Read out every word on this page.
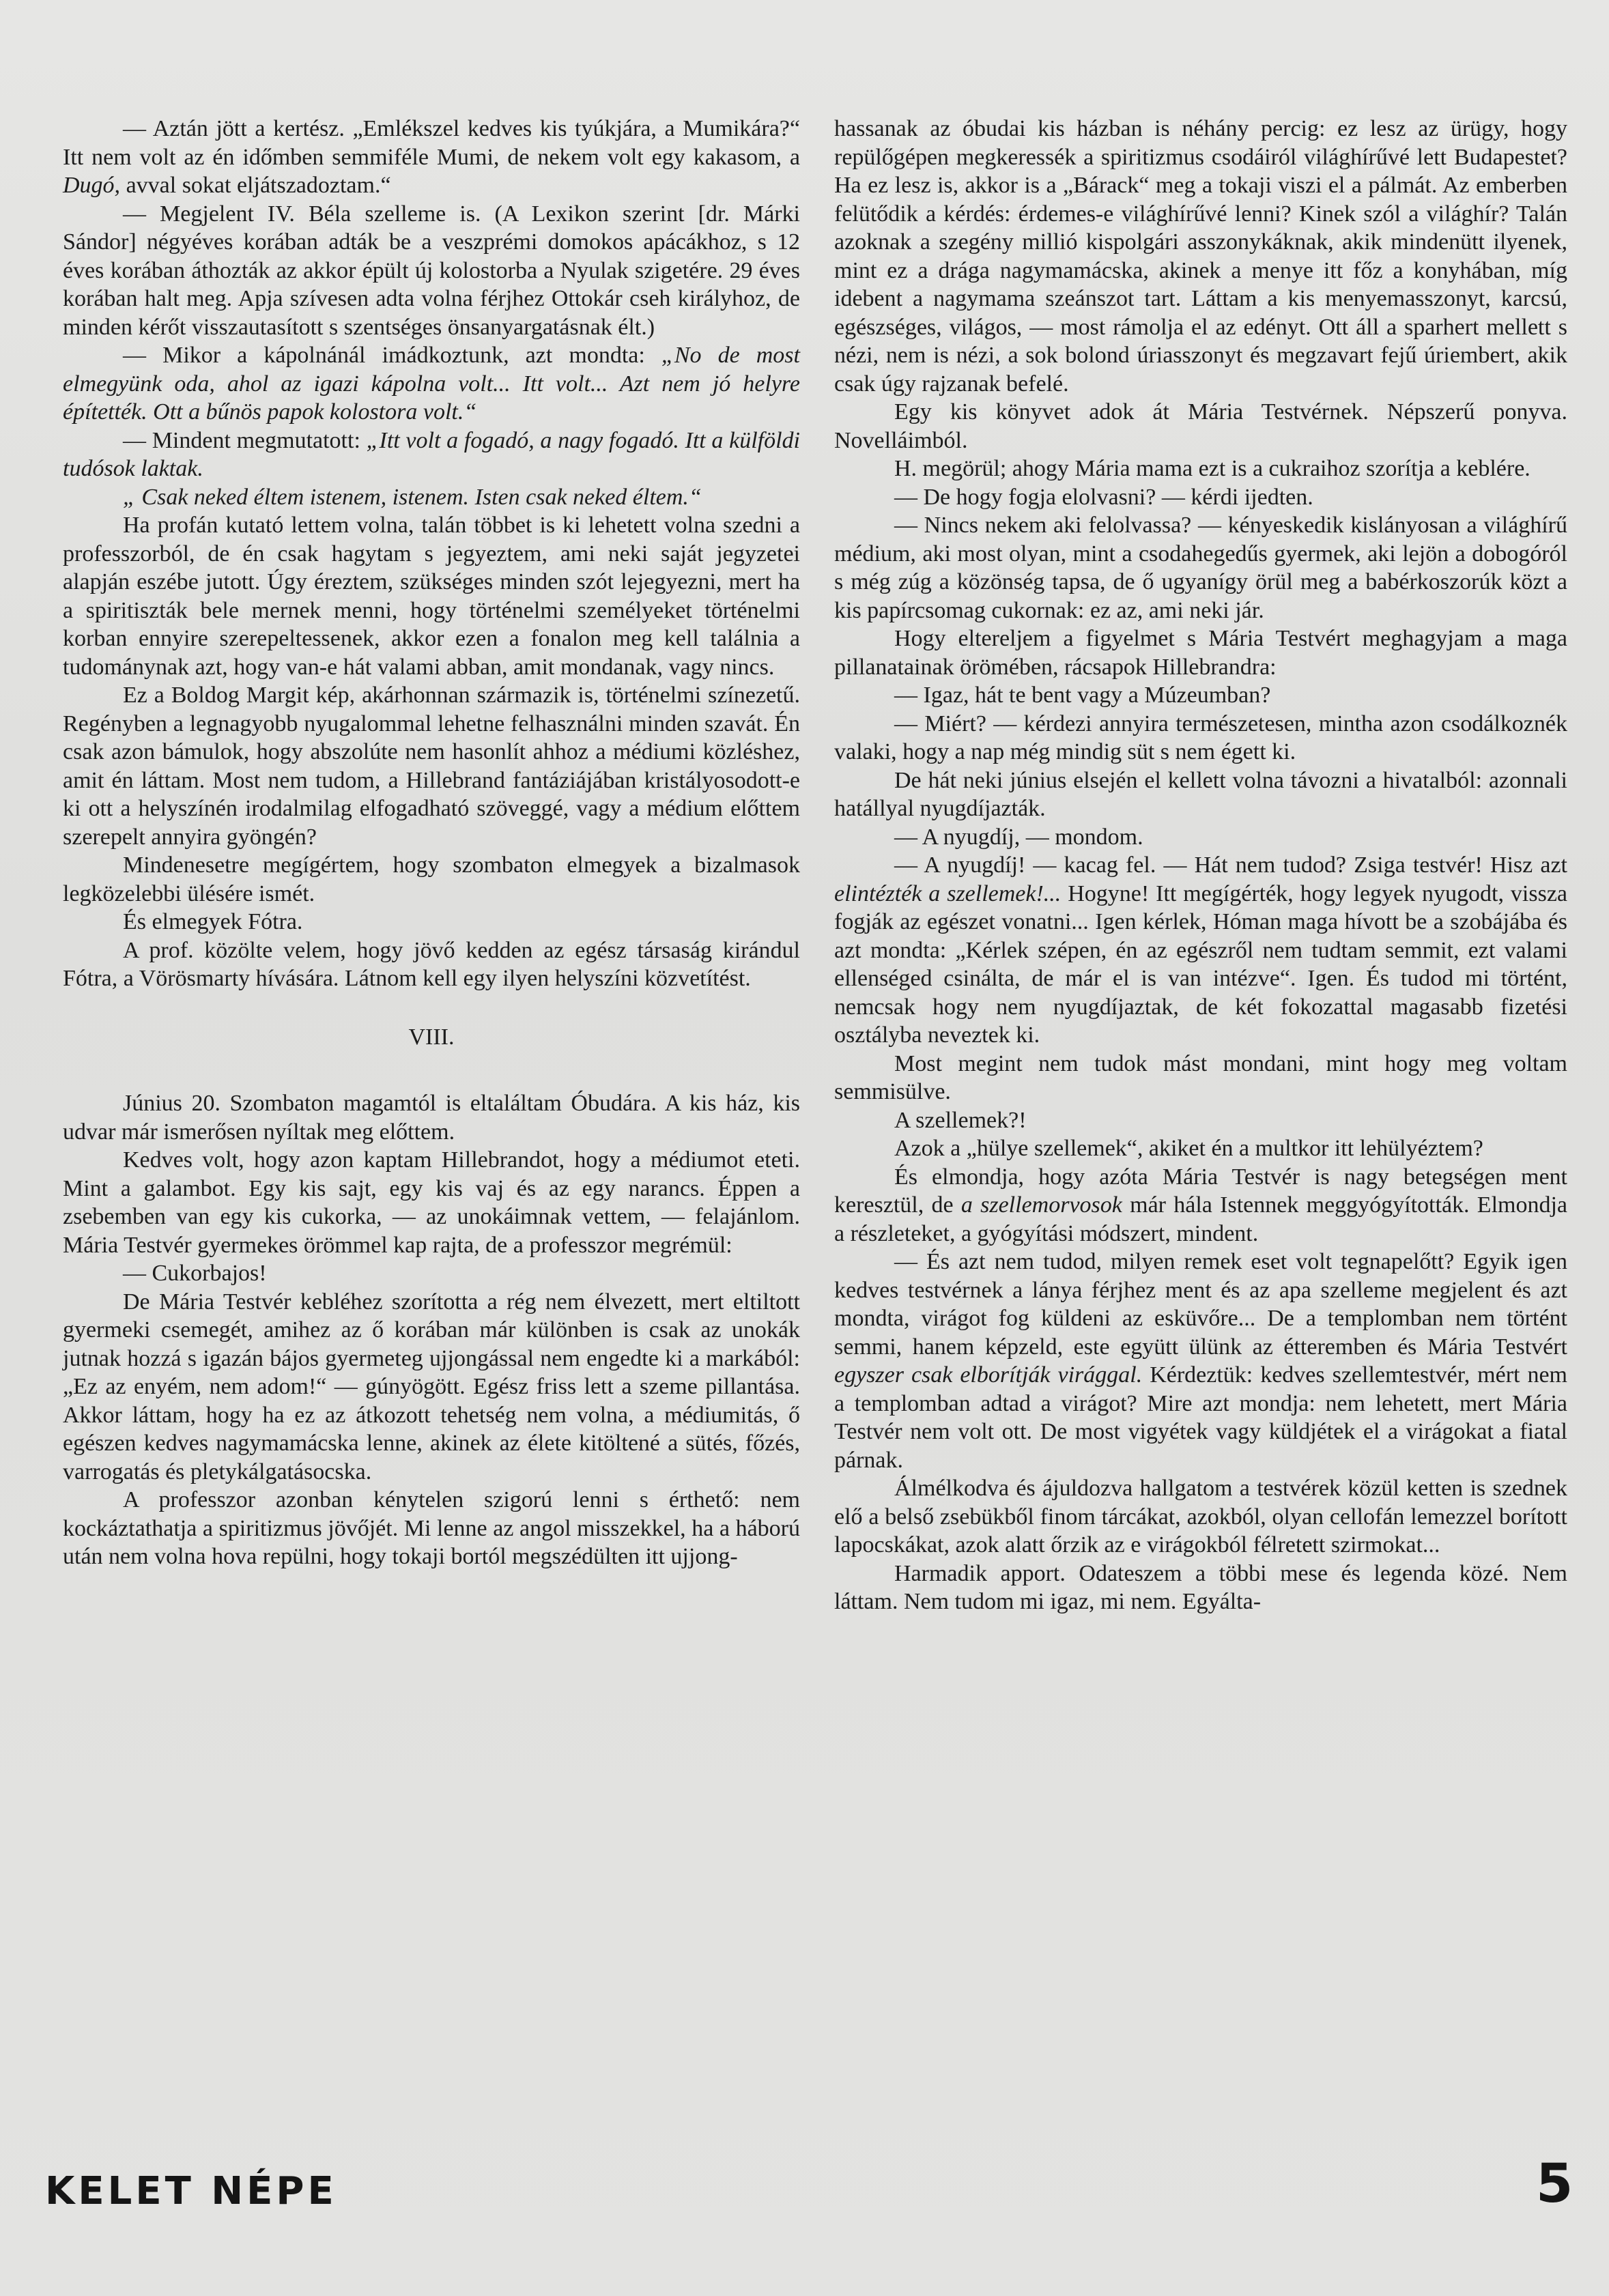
— Aztán jött a kertész. „Emlékszel kedves kis tyúkjára, a Mumikára?“ Itt nem volt az én időmben semmiféle Mumi, de nekem volt egy kakasom, a Dugó, avval sokat eljátszadoztam.“

— Megjelent IV. Béla szelleme is. (A Lexikon szerint [dr. Márki Sándor] négyéves korában adták be a veszprémi domokos apácákhoz, s 12 éves korában áthozták az akkor épült új kolostorba a Nyulak szigetére. 29 éves korában halt meg. Apja szívesen adta volna férjhez Ottokár cseh királyhoz, de minden kérőt visszautasított s szentséges önsanyargatásnak élt.)

— Mikor a kápolnánál imádkoztunk, azt mondta: „No de most elmegyünk oda, ahol az igazi kápolna volt... Itt volt... Azt nem jó helyre építették. Ott a bűnös papok kolostora volt.“

— Mindent megmutatott: „Itt volt a fogadó, a nagy fogadó. Itt a külföldi tudósok laktak.

„ Csak neked éltem istenem, istenem. Isten csak neked éltem.“

Ha profán kutató lettem volna, talán többet is ki lehetett volna szedni a professzorból, de én csak hagytam s jegyeztem, ami neki saját jegyzetei alapján eszébe jutott. Úgy éreztem, szükséges minden szót lejegyezni, mert ha a spiritiszták bele mernek menni, hogy történelmi személyeket történelmi korban ennyire szerepeltessenek, akkor ezen a fonalon meg kell találnia a tudománynak azt, hogy van-e hát valami abban, amit mondanak, vagy nincs.

Ez a Boldog Margit kép, akárhonnan származik is, történelmi színezetű. Regényben a legnagyobb nyugalommal lehetne felhasználni minden szavát. Én csak azon bámulok, hogy abszolúte nem hasonlít ahhoz a médiumi közléshez, amit én láttam. Most nem tudom, a Hillebrand fantáziájában kristályosodott-e ki ott a helyszínén irodalmilag elfogadható szöveggé, vagy a médium előttem szerepelt annyira gyöngén?

Mindenesetre megígértem, hogy szombaton elmegyek a bizalmasok legközelebbi ülésére ismét.

És elmegyek Fótra.

A prof. közölte velem, hogy jövő kedden az egész társaság kirándul Fótra, a Vörösmarty hívására. Látnom kell egy ilyen helyszíni közvetítést.

VIII.

Június 20. Szombaton magamtól is eltaláltam Óbudára. A kis ház, kis udvar már ismerősen nyíltak meg előttem.

Kedves volt, hogy azon kaptam Hillebrandot, hogy a médiumot eteti. Mint a galambot. Egy kis sajt, egy kis vaj és az egy narancs. Éppen a zsebemben van egy kis cukorka, — az unokáimnak vettem, — felajánlom. Mária Testvér gyermekes örömmel kap rajta, de a professzor megrémül:

— Cukorbajos!

De Mária Testvér kebléhez szorította a rég nem élvezett, mert eltiltott gyermeki csemegét, amihez az ő korában már különben is csak az unokák jutnak hozzá s igazán bájos gyermeteg ujjongással nem engedte ki a markából: „Ez az enyém, nem adom!“ — gúnyögött. Egész friss lett a szeme pillantása. Akkor láttam, hogy ha ez az átkozott tehetség nem volna, a médiumitás, ő egészen kedves nagymamácska lenne, akinek az élete kitöltené a sütés, főzés, varrogatás és pletykálgatásocska.

A professzor azonban kénytelen szigorú lenni s érthető: nem kockáztathatja a spiritizmus jövőjét. Mi lenne az angol misszekkel, ha a háború után nem volna hova repülni, hogy tokaji bortól megszédülten itt ujjong-

hassanak az óbudai kis házban is néhány percig: ez lesz az ürügy, hogy repülőgépen megkeressék a spiritizmus csodáiról világhírűvé lett Budapestet? Ha ez lesz is, akkor is a „Bárack“ meg a tokaji viszi el a pálmát. Az emberben felütődik a kérdés: érdemes-e világhírűvé lenni? Kinek szól a világhír? Talán azoknak a szegény millió kispolgári asszonykáknak, akik mindenütt ilyenek, mint ez a drága nagymamácska, akinek a menye itt főz a konyhában, míg idebent a nagymama szeánszot tart. Láttam a kis menyemasszonyt, karcsú, egészséges, világos, — most rámolja el az edényt. Ott áll a sparhert mellett s nézi, nem is nézi, a sok bolond úriasszonyt és megzavart fejű úriembert, akik csak úgy rajzanak befelé.

Egy kis könyvet adok át Mária Testvérnek. Népszerű ponyva. Novelláimból.

H. megörül; ahogy Mária mama ezt is a cukraihoz szorítja a keblére.

— De hogy fogja elolvasni? — kérdi ijedten.

— Nincs nekem aki felolvassa? — kényeskedik kislányosan a világhírű médium, aki most olyan, mint a csodahegedűs gyermek, aki lejön a dobogóról s még zúg a közönség tapsa, de ő ugyanígy örül meg a babérkoszorúk közt a kis papírcsomag cukornak: ez az, ami neki jár.

Hogy eltereljem a figyelmet s Mária Testvért meghagyjam a maga pillanatainak örömében, rácsapok Hillebrandra:

— Igaz, hát te bent vagy a Múzeumban?

— Miért? — kérdezi annyira természetesen, mintha azon csodálkoznék valaki, hogy a nap még mindig süt s nem égett ki.

De hát neki június elsején el kellett volna távozni a hivatalból: azonnali hatállyal nyugdíjazták.

— A nyugdíj, — mondom.

— A nyugdíj! — kacag fel. — Hát nem tudod? Zsiga testvér! Hisz azt elintézték a szellemek!... Hogyne! Itt megígérték, hogy legyek nyugodt, vissza fogják az egészet vonatni... Igen kérlek, Hóman maga hívott be a szobájába és azt mondta: „Kérlek szépen, én az egészről nem tudtam semmit, ezt valami ellenséged csinálta, de már el is van intézve“. Igen. És tudod mi történt, nemcsak hogy nem nyugdíjaztak, de két fokozattal magasabb fizetési osztályba neveztek ki.

Most megint nem tudok mást mondani, mint hogy meg voltam semmisülve.

A szellemek?!

Azok a „hülye szellemek“, akiket én a multkor itt lehülyéztem?

És elmondja, hogy azóta Mária Testvér is nagy betegségen ment keresztül, de a szellemorvosok már hála Istennek meggyógyították. Elmondja a részleteket, a gyógyítási módszert, mindent.

— És azt nem tudod, milyen remek eset volt tegnapelőtt? Egyik igen kedves testvérnek a lánya férjhez ment és az apa szelleme megjelent és azt mondta, virágot fog küldeni az esküvőre... De a templomban nem történt semmi, hanem képzeld, este együtt ülünk az étteremben és Mária Testvért egyszer csak elborítják virággal. Kérdeztük: kedves szellemtestvér, mért nem a templomban adtad a virágot? Mire azt mondja: nem lehetett, mert Mária Testvér nem volt ott. De most vigyétek vagy küldjétek el a virágokat a fiatal párnak.

Álmélkodva és ájuldozva hallgatom a testvérek közül ketten is szednek elő a belső zsebükből finom tárcákat, azokból, olyan cellofán lemezzel borított lapocskákat, azok alatt őrzik az e virágokból félretett szirmokat...

Harmadik apport. Odateszem a többi mese és legenda közé. Nem láttam. Nem tudom mi igaz, mi nem. Egyálta-

KELET NÉPE	5
